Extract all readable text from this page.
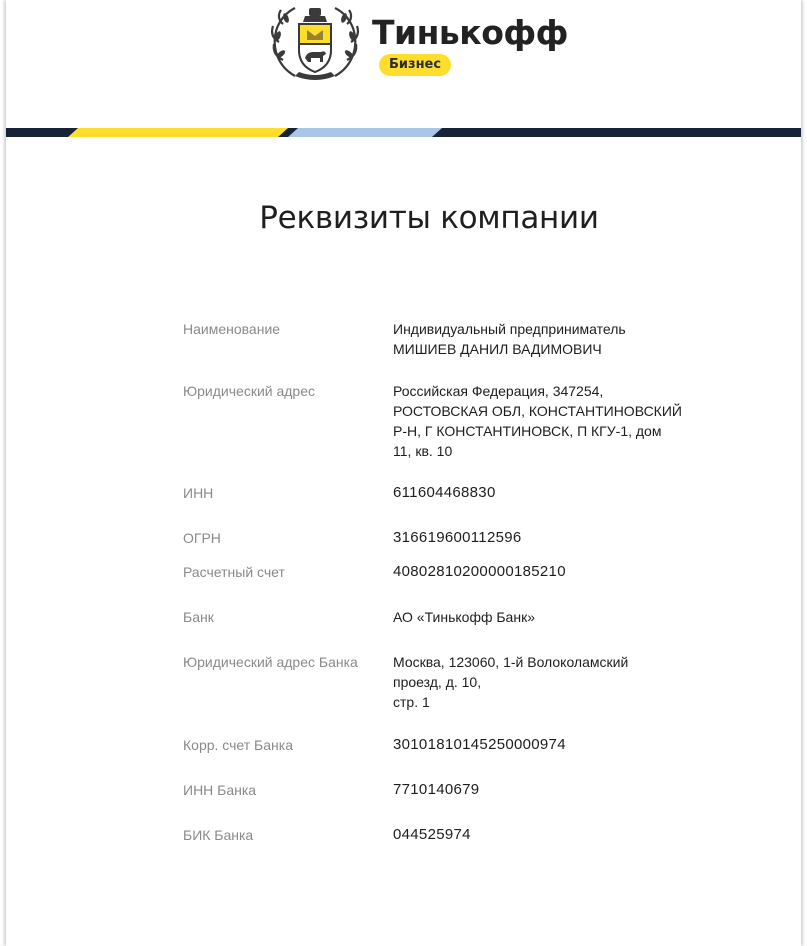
Тинькофф
Бизнес
Реквизиты компании
Наименование	Индивидуальный предприниматель
МИШИЕВ ДАНИЛ ВАДИМОВИЧ
Юридический адрес	Российская Федерация, 347254,
РОСТОВСКАЯ ОБЛ, КОНСТАНТИНОВСКИЙ
Р-Н, Г КОНСТАНТИНОВСК, П КГУ-1, дом
11, кв. 10
ИНН	611604468830
ОГРН	316619600112596
Расчетный счет	40802810200000185210
Банк	АО «Тинькофф Банк»
Юридический адрес Банка	Москва, 123060, 1-й Волоколамский
проезд, д. 10,
стр. 1
Корр. счет Банка	30101810145250000974
ИНН Банка	7710140679
БИК Банка	044525974
